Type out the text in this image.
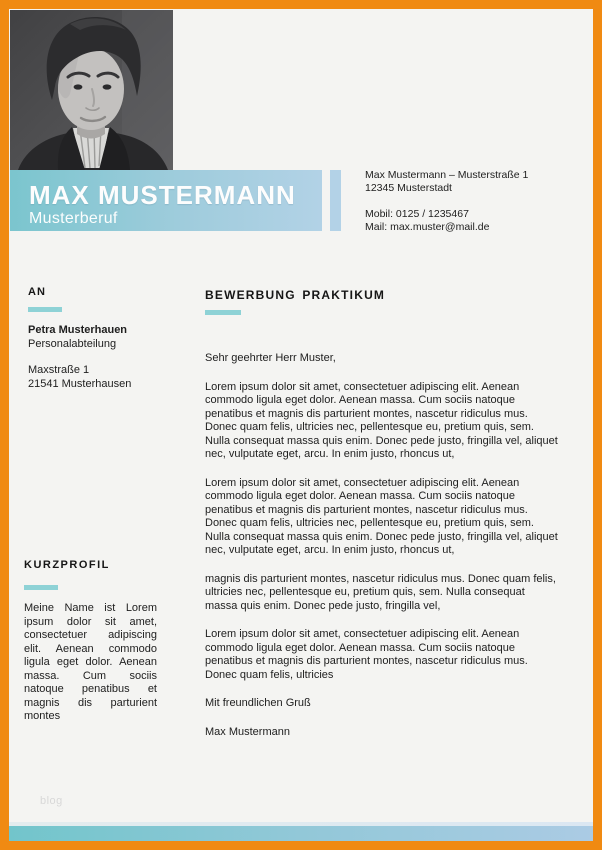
MAX MUSTERMANN
Musterberuf
Max Mustermann – Musterstraße 1
12345 Musterstadt
Mobil: 0125 / 1235467
Mail: max.muster@mail.de
AN
Petra Musterhauen
Personalabteilung
Maxstraße 1
21541 Musterhausen
KURZPROFIL
Meine Name ist Lorem ipsum dolor sit amet, consectetuer adipiscing elit. Aenean commodo ligula eget dolor. Aenean massa. Cum sociis natoque penatibus et magnis dis parturient montes
BEWERBUNG PRAKTIKUM

Sehr geehrter Herr Muster,

Lorem ipsum dolor sit amet, consectetuer adipiscing elit. Aenean commodo ligula eget dolor. Aenean massa. Cum sociis natoque penatibus et magnis dis parturient montes, nascetur ridiculus mus. Donec quam felis, ultricies nec, pellentesque eu, pretium quis, sem. Nulla consequat massa quis enim. Donec pede justo, fringilla vel, aliquet nec, vulputate eget, arcu. In enim justo, rhoncus ut,

Lorem ipsum dolor sit amet, consectetuer adipiscing elit. Aenean commodo ligula eget dolor. Aenean massa. Cum sociis natoque penatibus et magnis dis parturient montes, nascetur ridiculus mus. Donec quam felis, ultricies nec, pellentesque eu, pretium quis, sem. Nulla consequat massa quis enim. Donec pede justo, fringilla vel, aliquet nec, vulputate eget, arcu. In enim justo, rhoncus ut,

magnis dis parturient montes, nascetur ridiculus mus. Donec quam felis, ultricies nec, pellentesque eu, pretium quis, sem. Nulla consequat massa quis enim. Donec pede justo, fringilla vel,

Lorem ipsum dolor sit amet, consectetuer adipiscing elit. Aenean commodo ligula eget dolor. Aenean massa. Cum sociis natoque penatibus et magnis dis parturient montes, nascetur ridiculus mus. Donec quam felis, ultricies

Mit freundlichen Gruß

Max Mustermann

blog
